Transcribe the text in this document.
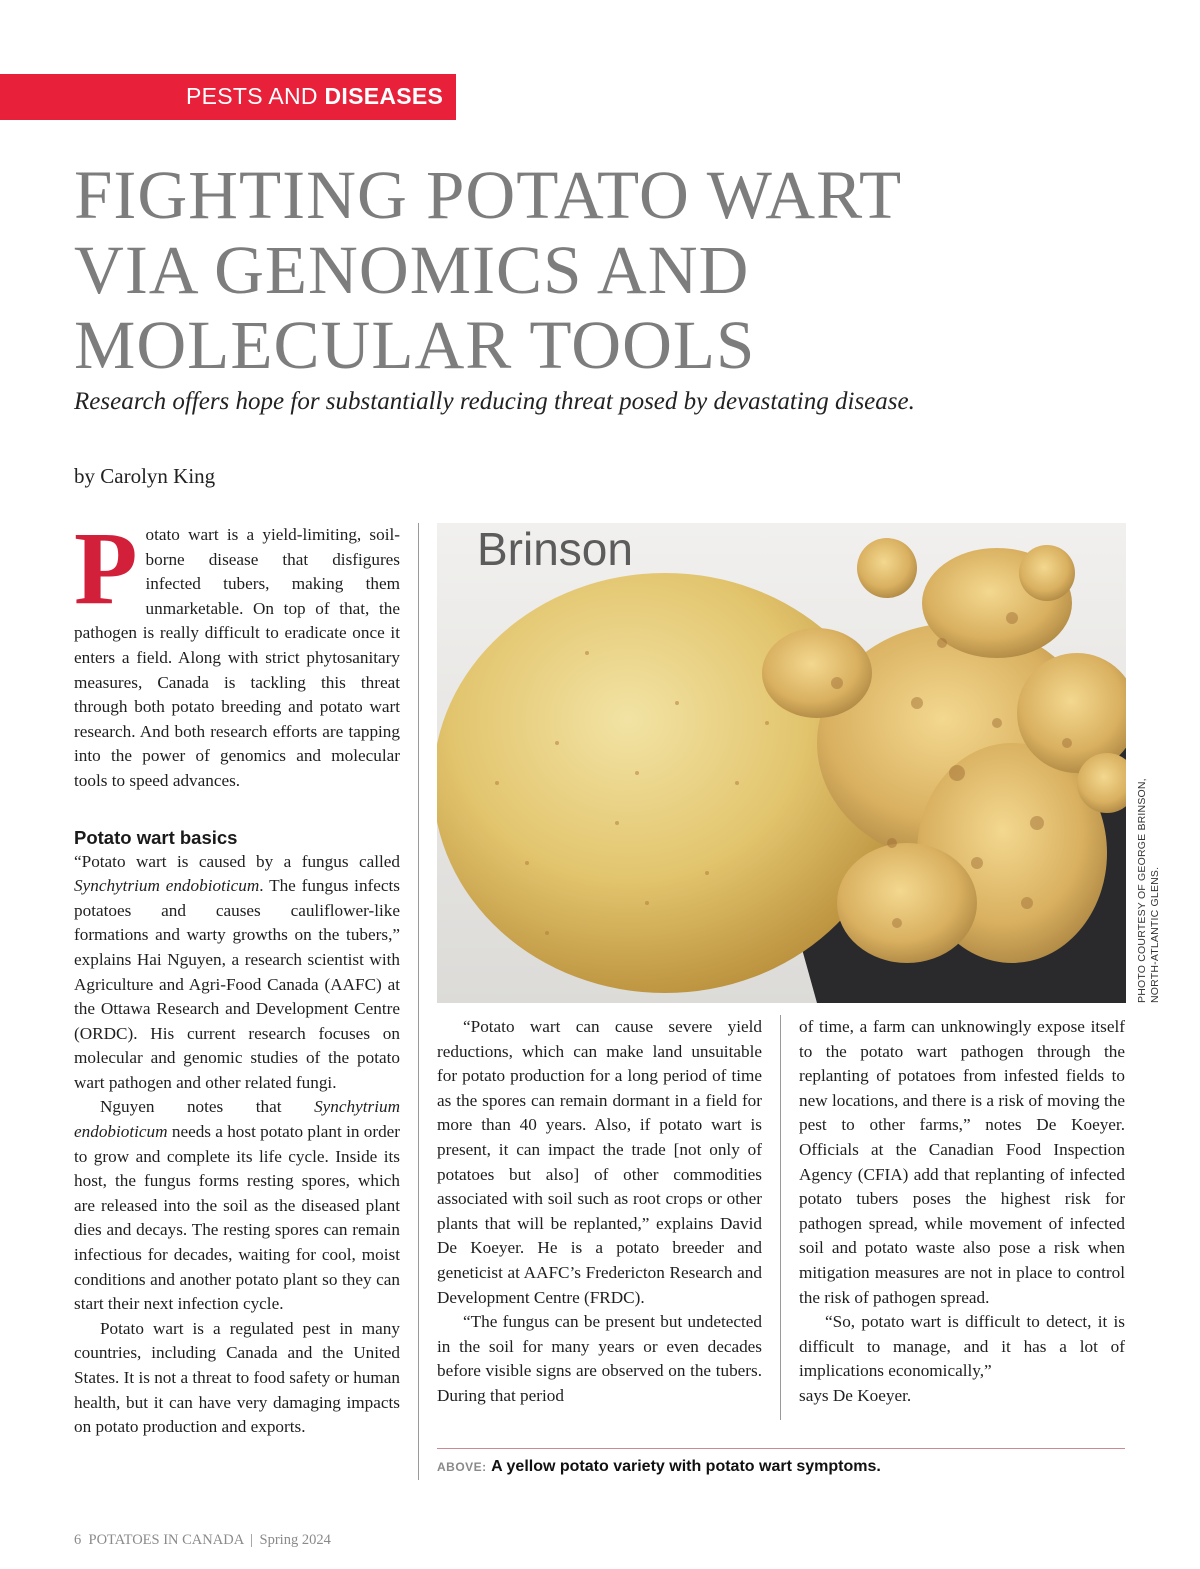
PESTS AND DISEASES
FIGHTING POTATO WART
VIA GENOMICS AND
MOLECULAR TOOLS
Research offers hope for substantially reducing threat posed by devastating disease.
by Carolyn King

Potato wart is a yield-limiting, soil-borne disease that disfigures infected tubers, making them unmarketable. On top of that, the pathogen is really difficult to eradicate once it enters a field. Along with strict phytosanitary measures, Canada is tackling this threat through both potato breeding and potato wart research. And both research efforts are tapping into the power of genomics and molecular tools to speed advances.

Potato wart basics

“Potato wart is caused by a fungus called Synchytrium endobioticum. The fungus infects potatoes and causes cauliflower-like formations and warty growths on the tubers,” explains Hai Nguyen, a research scientist with Agriculture and Agri-Food Canada (AAFC) at the Ottawa Research and Development Centre (ORDC). His current research focuses on molecular and genomic studies of the potato wart pathogen and other related fungi.

Nguyen notes that Synchytrium endobioticum needs a host potato plant in order to grow and complete its life cycle. Inside its host, the fungus forms resting spores, which are released into the soil as the diseased plant dies and decays. The resting spores can remain infectious for decades, waiting for cool, moist conditions and another potato plant so they can start their next infection cycle.

Potato wart is a regulated pest in many countries, including Canada and the United States. It is not a threat to food safety or human health, but it can have very damaging impacts on potato production and exports.

Brinson
PHOTO COURTESY OF GEORGE BRINSON, NORTH-ATLANTIC GLENS.

“Potato wart can cause severe yield reductions, which can make land unsuitable for potato production for a long period of time as the spores can remain dormant in a field for more than 40 years. Also, if potato wart is present, it can impact the trade [not only of potatoes but also] of other commodities associated with soil such as root crops or other plants that will be replanted,” explains David De Koeyer. He is a potato breeder and geneticist at AAFC’s Fredericton Research and Development Centre (FRDC).

“The fungus can be present but undetected in the soil for many years or even decades before visible signs are observed on the tubers. During that period

of time, a farm can unknowingly expose itself to the potato wart pathogen through the replanting of potatoes from infested fields to new locations, and there is a risk of moving the pest to other farms,” notes De Koeyer. Officials at the Canadian Food Inspection Agency (CFIA) add that replanting of infected potato tubers poses the highest risk for pathogen spread, while movement of infected soil and potato waste also pose a risk when mitigation measures are not in place to control the risk of pathogen spread.

“So, potato wart is difficult to detect, it is difficult to manage, and it has a lot of implications economically,”

says De Koeyer.

ABOVE: A yellow potato variety with potato wart symptoms.
6 POTATOES IN CANADA | Spring 2024
